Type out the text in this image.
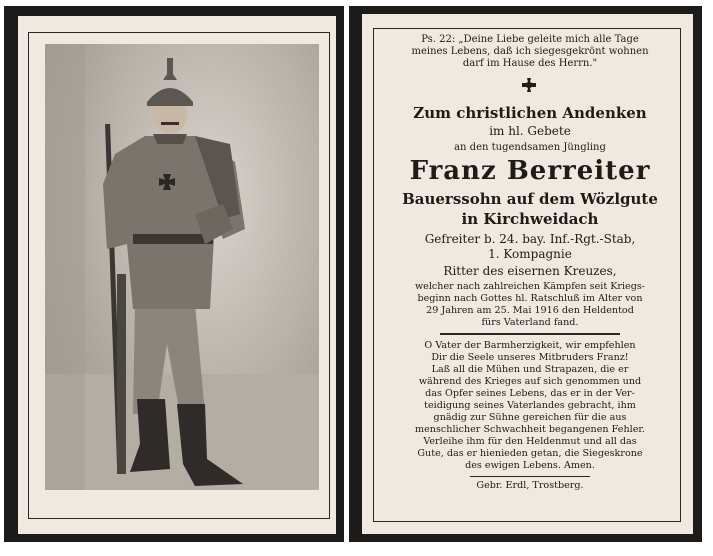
Ps. 22: „Deine Liebe geleite mich alle Tage
meines Lebens, daß ich siegesgekrönt wohnen
darf im Hause des Herrn."
Zum christlichen Andenken
im hl. Gebete
an den tugendsamen Jüngling
Franz Berreiter
Bauerssohn auf dem Wözlgute
in Kirchweidach
Gefreiter b. 24. bay. Inf.-Rgt.-Stab,
1. Kompagnie
Ritter des eisernen Kreuzes,
welcher nach zahlreichen Kämpfen seit Kriegs-
beginn nach Gottes hl. Ratschluß im Alter von
29 Jahren am 25. Mai 1916 den Heldentod
fürs Vaterland fand.
O Vater der Barmherzigkeit, wir empfehlen
Dir die Seele unseres Mitbruders Franz!
Laß all die Mühen und Strapazen, die er
während des Krieges auf sich genommen und
das Opfer seines Lebens, das er in der Ver-
teidigung seines Vaterlandes gebracht, ihm
gnädig zur Sühne gereichen für die aus
menschlicher Schwachheit begangenen Fehler.
Verleihe ihm für den Heldenmut und all das
Gute, das er hienieden getan, die Siegeskrone
des ewigen Lebens. Amen.
Gebr. Erdl, Trostberg.
